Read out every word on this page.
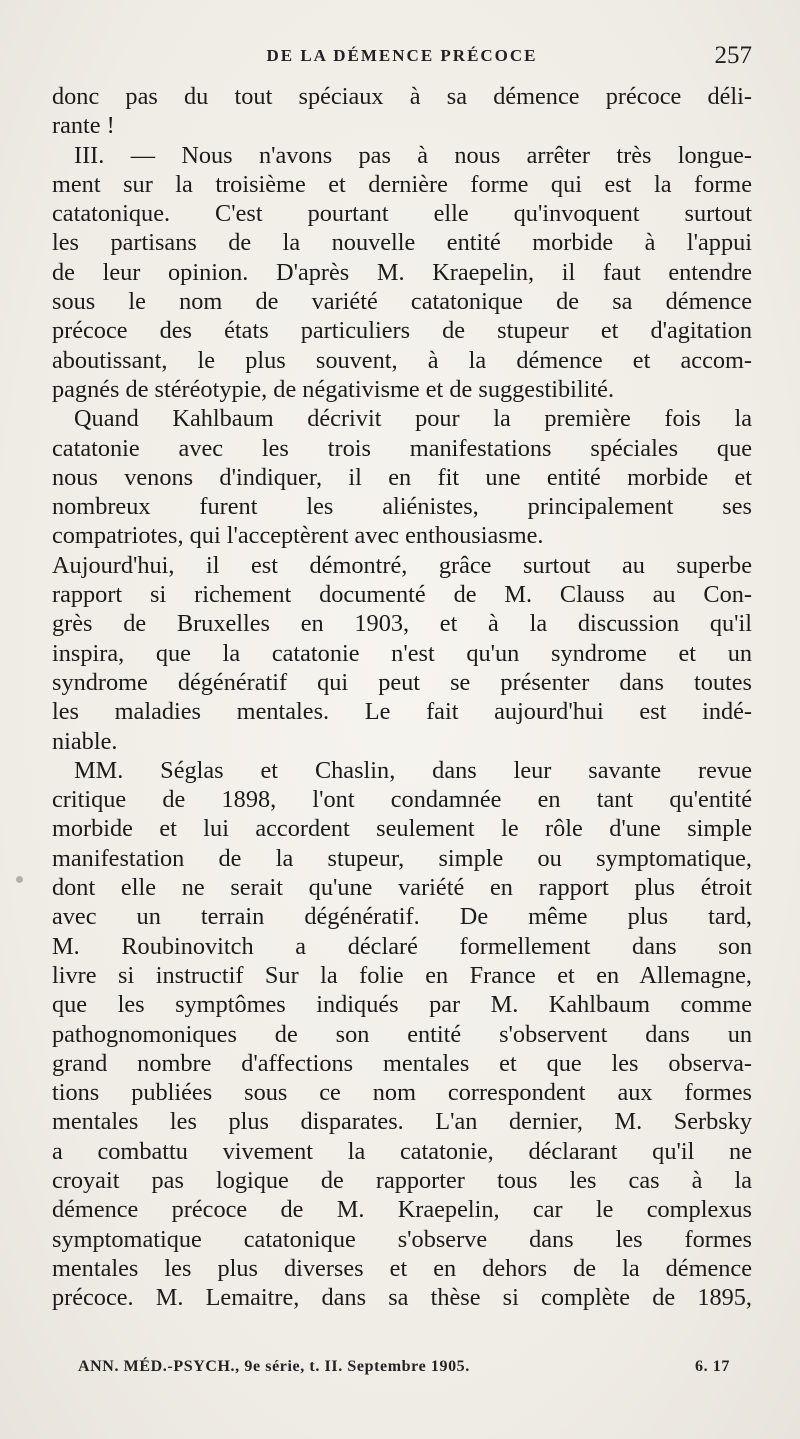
DE LA DÉMENCE PRÉCOCE	257
donc pas du tout spéciaux à sa démence précoce déli-
rante !
III. — Nous n'avons pas à nous arrêter très longue-
ment sur la troisième et dernière forme qui est la forme
catatonique. C'est pourtant elle qu'invoquent surtout
les partisans de la nouvelle entité morbide à l'appui
de leur opinion. D'après M. Kraepelin, il faut entendre
sous le nom de variété catatonique de sa démence
précoce des états particuliers de stupeur et d'agitation
aboutissant, le plus souvent, à la démence et accom-
pagnés de stéréotypie, de négativisme et de suggestibilité.
Quand Kahlbaum décrivit pour la première fois la
catatonie avec les trois manifestations spéciales que
nous venons d'indiquer, il en fit une entité morbide et
nombreux furent les aliénistes, principalement ses
compatriotes, qui l'acceptèrent avec enthousiasme.
Aujourd'hui, il est démontré, grâce surtout au superbe
rapport si richement documenté de M. Clauss au Con-
grès de Bruxelles en 1903, et à la discussion qu'il
inspira, que la catatonie n'est qu'un syndrome et un
syndrome dégénératif qui peut se présenter dans toutes
les maladies mentales. Le fait aujourd'hui est indé-
niable.
MM. Séglas et Chaslin, dans leur savante revue
critique de 1898, l'ont condamnée en tant qu'entité
morbide et lui accordent seulement le rôle d'une simple
manifestation de la stupeur, simple ou symptomatique,
dont elle ne serait qu'une variété en rapport plus étroit
avec un terrain dégénératif. De même plus tard,
M. Roubinovitch a déclaré formellement dans son
livre si instructif Sur la folie en France et en Allemagne,
que les symptômes indiqués par M. Kahlbaum comme
pathognomoniques de son entité s'observent dans un
grand nombre d'affections mentales et que les observa-
tions publiées sous ce nom correspondent aux formes
mentales les plus disparates. L'an dernier, M. Serbsky
a combattu vivement la catatonie, déclarant qu'il ne
croyait pas logique de rapporter tous les cas à la
démence précoce de M. Kraepelin, car le complexus
symptomatique catatonique s'observe dans les formes
mentales les plus diverses et en dehors de la démence
précoce. M. Lemaitre, dans sa thèse si complète de 1895,
ANN. MÉD.-PSYCH., 9e série, t. II. Septembre 1905.	6. 17
